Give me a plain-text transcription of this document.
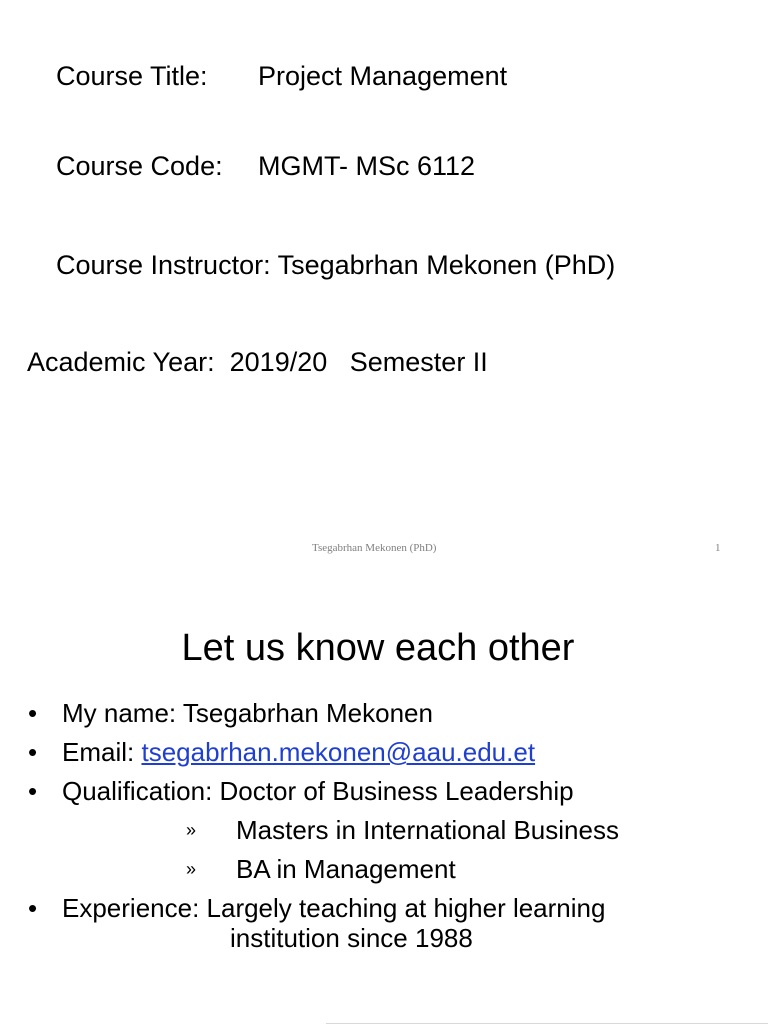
Course Title: Project Management
Course Code: MGMT- MSc 6112
Course Instructor: Tsegabrhan Mekonen (PhD)
Academic Year: 2019/20 Semester II
Tsegabrhan Mekonen (PhD)	1
Let us know each other
• My name: Tsegabrhan Mekonen
• Email: tsegabrhan.mekonen@aau.edu.et
• Qualification: Doctor of Business Leadership
» Masters in International Business
» BA in Management
• Experience: Largely teaching at higher learning
institution since 1988
